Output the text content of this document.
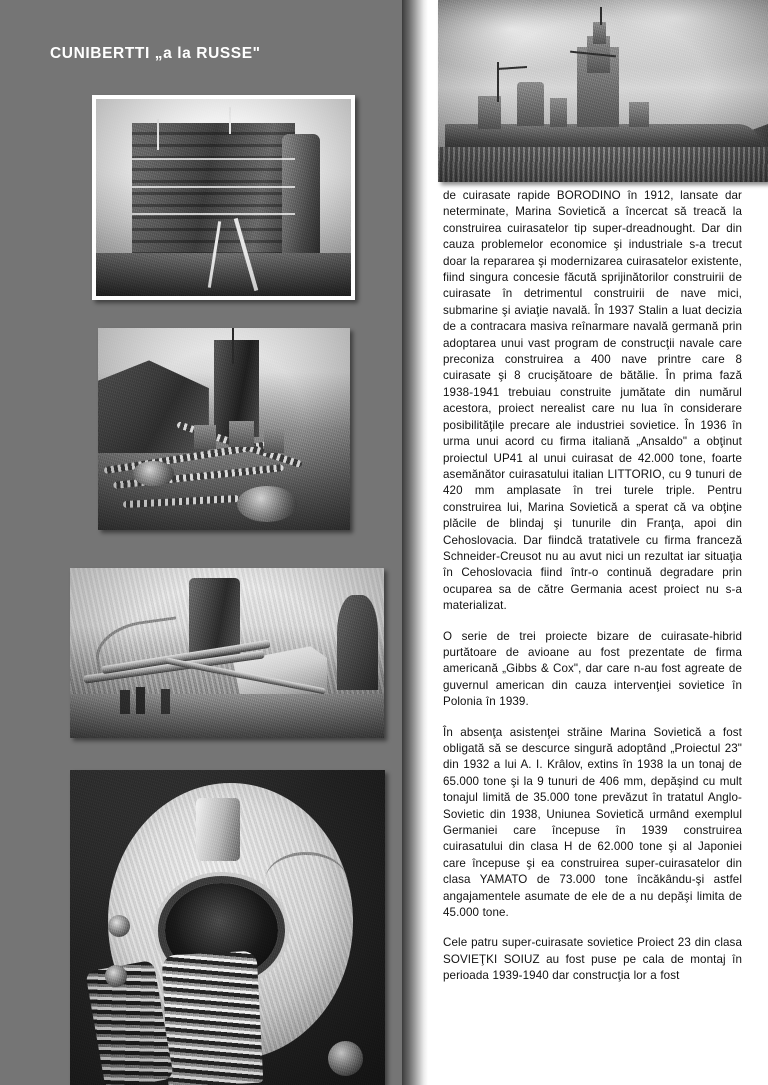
CUNIBERTTI „a la RUSSE"

de cuirasate rapide BORODINO în 1912, lansate dar neterminate, Marina Sovietică a încercat să treacă la construirea cuirasatelor tip super-dreadnought. Dar din cauza problemelor economice şi industriale s-a trecut doar la repararea şi modernizarea cuirasatelor existente, fiind singura concesie făcută sprijinătorilor construirii de cuirasate în detrimentul construirii de nave mici, submarine şi aviaţie navală. În 1937 Stalin a luat decizia de a contracara masiva reînarmare navală germană prin adoptarea unui vast program de construcţii navale care preconiza construirea a 400 nave printre care 8 cuirasate şi 8 crucişătoare de bătălie. În prima fază 1938-1941 trebuiau construite jumătate din numărul acestora, proiect nerealist care nu lua în considerare posibilităţile precare ale industriei sovietice. În 1936 în urma unui acord cu firma italiană „Ansaldo" a obţinut proiectul UP41 al unui cuirasat de 42.000 tone, foarte asemănător cuirasatului italian LITTORIO, cu 9 tunuri de 420 mm amplasate în trei turele triple. Pentru construirea lui, Marina Sovietică a sperat că va obţine plăcile de blindaj şi tunurile din Franţa, apoi din Cehoslovacia. Dar fiindcă tratativele cu firma franceză Schneider-Creusot nu au avut nici un rezultat iar situaţia în Cehoslovacia fiind într-o continuă degradare prin ocuparea sa de către Germania acest proiect nu s-a materializat.

O serie de trei proiecte bizare de cuirasate-hibrid purtătoare de avioane au fost prezentate de firma americană „Gibbs & Cox", dar care n-au fost agreate de guvernul american din cauza intervenţiei sovietice în Polonia în 1939.

În absenţa asistenţei străine Marina Sovietică a fost obligată să se descurce singură adoptând „Proiectul 23" din 1932 a lui A. I. Krâlov, extins în 1938 la un tonaj de 65.000 tone şi la 9 tunuri de 406 mm, depăşind cu mult tonajul limită de 35.000 tone prevăzut în tratatul Anglo-Sovietic din 1938, Uniunea Sovietică urmând exemplul Germaniei care începuse în 1939 construirea cuirasatului din clasa H de 62.000 tone şi al Japoniei care începuse şi ea construirea super-cuirasatelor din clasa YAMATO de 73.000 tone încăkându-şi astfel angajamentele asumate de ele de a nu depăşi limita de 45.000 tone.

Cele patru super-cuirasate sovietice Proiect 23 din clasa SOVIEŢKI SOIUZ au fost puse pe cala de montaj în perioada 1939-1940 dar construcţia lor a fost
